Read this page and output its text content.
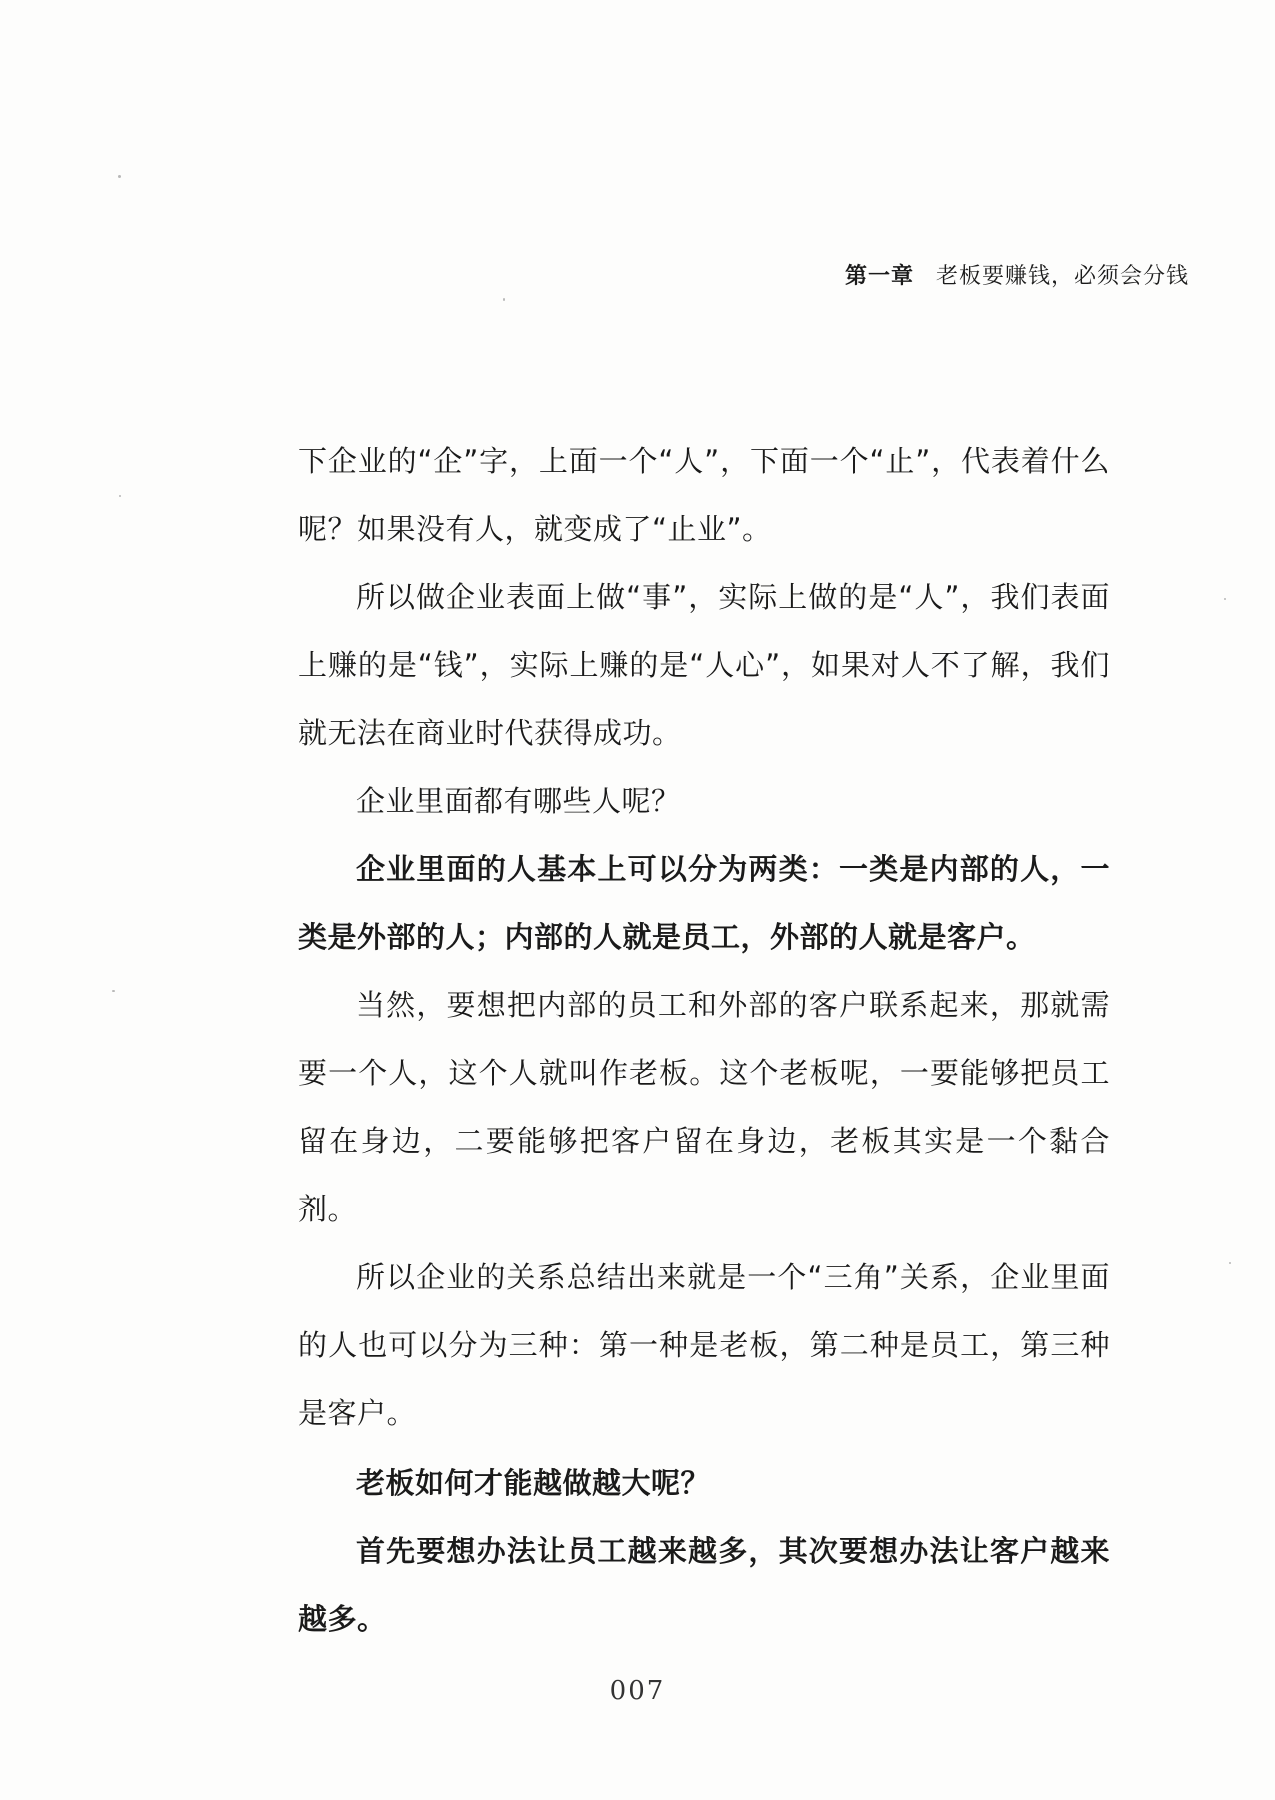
第一章 老板要赚钱，必须会分钱

下企业的“企”字，上面一个“人”，下面一个“止”，代表着什么呢？如果没有人，就变成了“止业”。

所以做企业表面上做“事”，实际上做的是“人”，我们表面上赚的是“钱”，实际上赚的是“人心”，如果对人不了解，我们就无法在商业时代获得成功。

企业里面都有哪些人呢？

企业里面的人基本上可以分为两类：一类是内部的人，一类是外部的人；内部的人就是员工，外部的人就是客户。

当然，要想把内部的员工和外部的客户联系起来，那就需要一个人，这个人就叫作老板。这个老板呢，一要能够把员工留在身边，二要能够把客户留在身边，老板其实是一个黏合剂。

所以企业的关系总结出来就是一个“三角”关系，企业里面的人也可以分为三种：第一种是老板，第二种是员工，第三种是客户。

老板如何才能越做越大呢？

首先要想办法让员工越来越多，其次要想办法让客户越来越多。

007
